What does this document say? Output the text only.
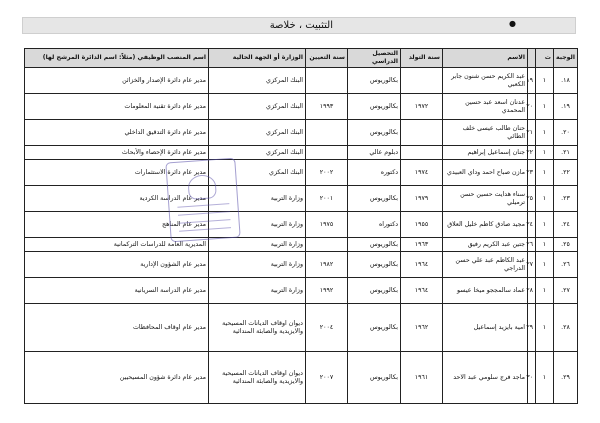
التثبيت ، خلاصة	●
الوجبة	ت		الاسم	سنة التولد	التحصيل الدراسي	سنة التعيين	الوزارة أو الجهة الحالية	اسم المنصب الوظيفي (مثلاً: اسم الدائرة المرشح لها)
١٨.	١	١٩	عبد الكريم حسن شنون جابر الكعبي		بكالوريوس		البنك المركزي	مدير عام دائرة الإصدار والخزائن
١٩.	١	٢٠	عدنان اسعد عبد حسين المحمدي	١٩٧٢	بكالوريوس	١٩٩٣	البنك المركزي	مدير عام دائرة تقنية المعلومات
٢٠.	١	٢١	حنان طالب عيسى خلف الطائي		بكالوريوس		البنك المركزي	مدير عام دائرة التدقيق الداخلي
٢١.	١	٢٢	جنان إسماعيل إبراهيم		دبلوم عالي		البنك المركزي	مدير عام دائرة الإحصاء والأبحاث
٢٢.	١	٢٣	مازن صباح احمد وداي العبيدي	١٩٧٤	دكتوره	٢٠٠٢	البنك المكزي	مدير عام دائرة الاستثمارات
٢٣.	١	٢٥	سناء هدايت حسين حسن ترميلي	١٩٧٩	بكالوريوس	٢٠٠١	وزارة التربية	مدير عام الدراسة الكردية
٢٤.	١	٢٤	مجيد صادق كاظم خليل العلاق	١٩٥٥	دكتوراه	١٩٧٥	وزارة التربية	مدير عام المناهج
٢٥.	١	٢٦	جتين عبد الكريم رفيق	١٩٦٣	بكالوريوس		وزارة التربية	المديرية العامة للدراسات التركمانية
٢٦.	١	٢٧	عبد الكاظم عبد علي حسن الدراجي	١٩٦٤	بكالوريوس	١٩٨٢	وزارة التربية	مدير عام الشؤون الإدارية
٢٧.	١	٢٨	عماد سالمججو ميخا عيسو	١٩٦٤	بكالوريوس	١٩٩٢	وزارة التربية	مدير عام الدراسة السريانية
٢٨.	١	٢٩	امية بايزيد إسماعيل	١٩٦٢	بكالوريوس	٢٠٠٤	ديوان اوقاف الديانات المسيحية والايزيدية والصابئة المندائية	مدير عام اوقاف المحافظات
٢٩.	١	٣٠	ماجد فرج سلومي عبد الاحد	١٩٦١	بكالوريوس	٢٠٠٧	ديوان اوقاف الديانات المسيحية والايزيدية والصابئة المندائية	مدير عام دائرة شؤون المسيحيين
